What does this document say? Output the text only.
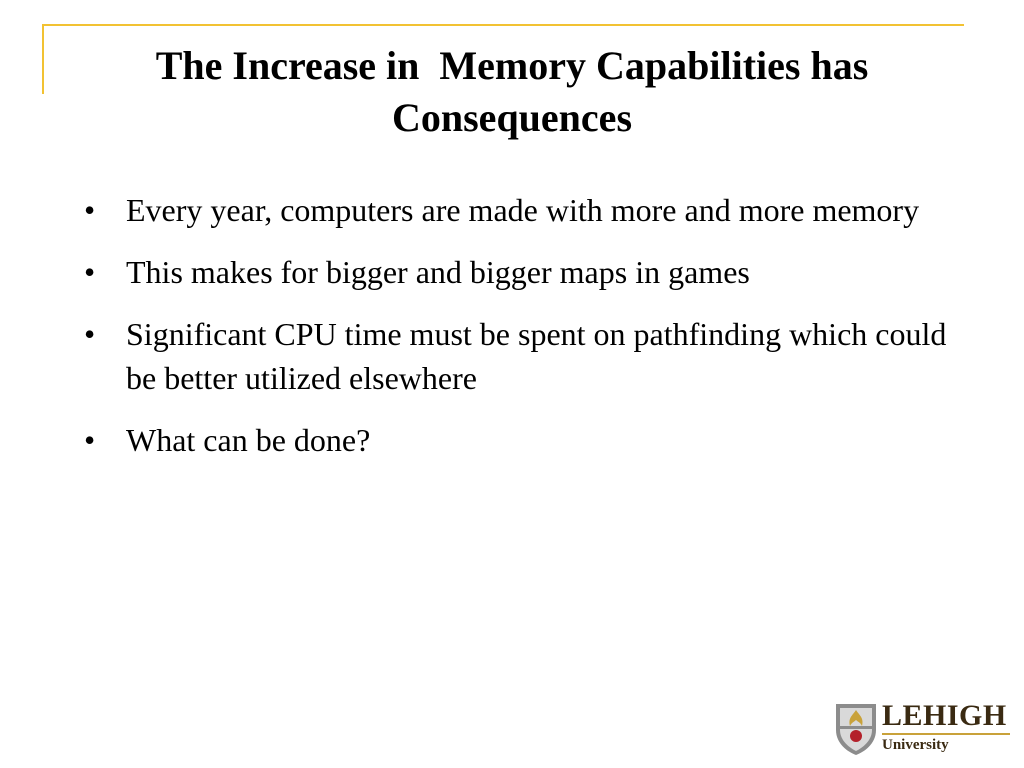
The Increase in  Memory Capabilities has Consequences
• Every year, computers are made with more and more memory
• This makes for bigger and bigger maps in games
• Significant CPU time must be spent on pathfinding which could be better utilized elsewhere
• What can be done?
LEHIGH
University
